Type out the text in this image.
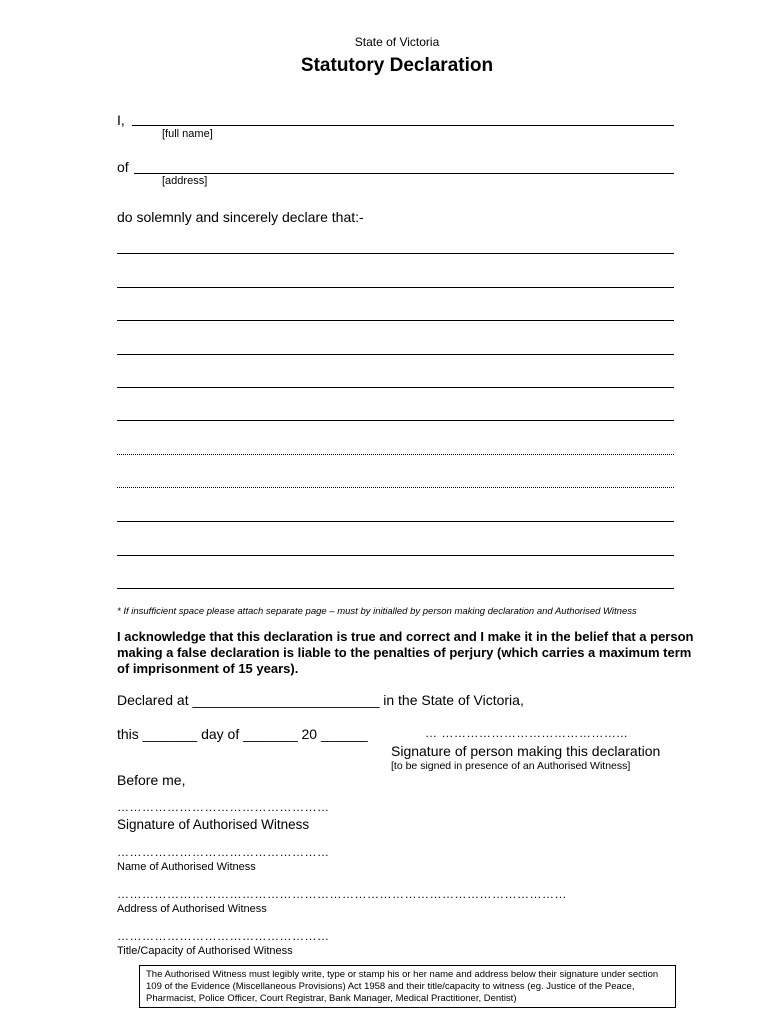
State of Victoria
Statutory Declaration
I,
[full name]
of
[address]
do solemnly and sincerely declare that:-
* If insufficient space please attach separate page – must by initialled by person making declaration and Authorised Witness
I acknowledge that this declaration is true and correct and I make it in the belief that a person making a false declaration is liable to the penalties of perjury (which carries a maximum term of imprisonment of 15 years).
Declared at ________________________ in the State of Victoria,
this _______ day of _______ 20 ______	… ……………………………………...
Signature of person making this declaration
[to be signed in presence of an Authorised Witness]
Before me,
……………………………………………
Signature of Authorised Witness
……………………………………………
Name of Authorised Witness
………………………………………………………………………………………………
Address of Authorised Witness
……………………………………………
Title/Capacity of Authorised Witness
The Authorised Witness must legibly write, type or stamp his or her name and address below their signature under section 109 of the Evidence (Miscellaneous Provisions) Act 1958 and their title/capacity to witness (eg. Justice of the Peace, Pharmacist, Police Officer, Court Registrar, Bank Manager, Medical Practitioner, Dentist)
